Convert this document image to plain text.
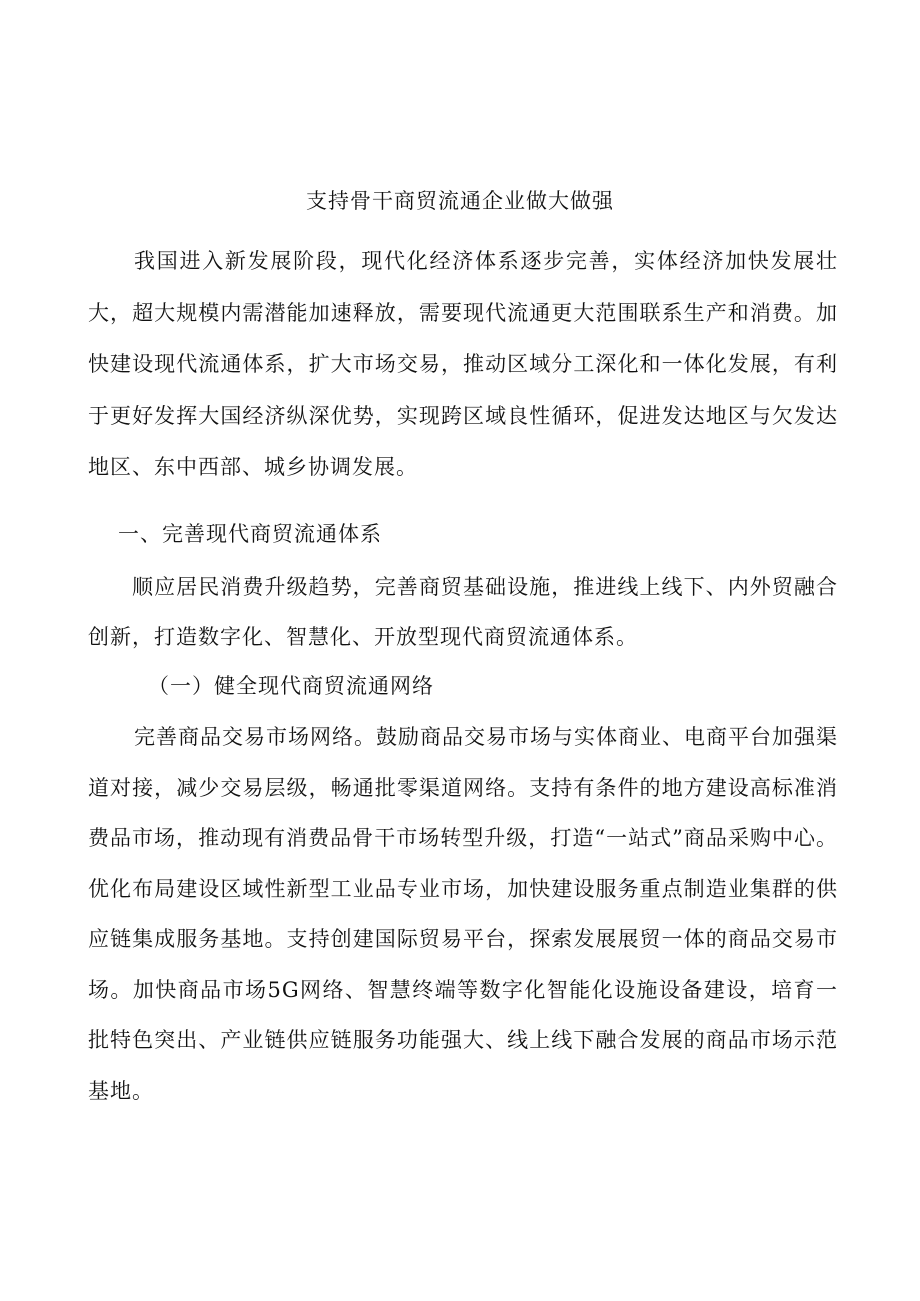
支持骨干商贸流通企业做大做强
我国进入新发展阶段，现代化经济体系逐步完善，实体经济加快发展壮大，超大规模内需潜能加速释放，需要现代流通更大范围联系生产和消费。加快建设现代流通体系，扩大市场交易，推动区域分工深化和一体化发展，有利于更好发挥大国经济纵深优势，实现跨区域良性循环，促进发达地区与欠发达地区、东中西部、城乡协调发展。
一、完善现代商贸流通体系
顺应居民消费升级趋势，完善商贸基础设施，推进线上线下、内外贸融合创新，打造数字化、智慧化、开放型现代商贸流通体系。
（一）健全现代商贸流通网络
完善商品交易市场网络。鼓励商品交易市场与实体商业、电商平台加强渠道对接，减少交易层级，畅通批零渠道网络。支持有条件的地方建设高标准消费品市场，推动现有消费品骨干市场转型升级，打造“一站式”商品采购中心。优化布局建设区域性新型工业品专业市场，加快建设服务重点制造业集群的供应链集成服务基地。支持创建国际贸易平台，探索发展展贸一体的商品交易市场。加快商品市场5G网络、智慧终端等数字化智能化设施设备建设，培育一批特色突出、产业链供应链服务功能强大、线上线下融合发展的商品市场示范基地。
